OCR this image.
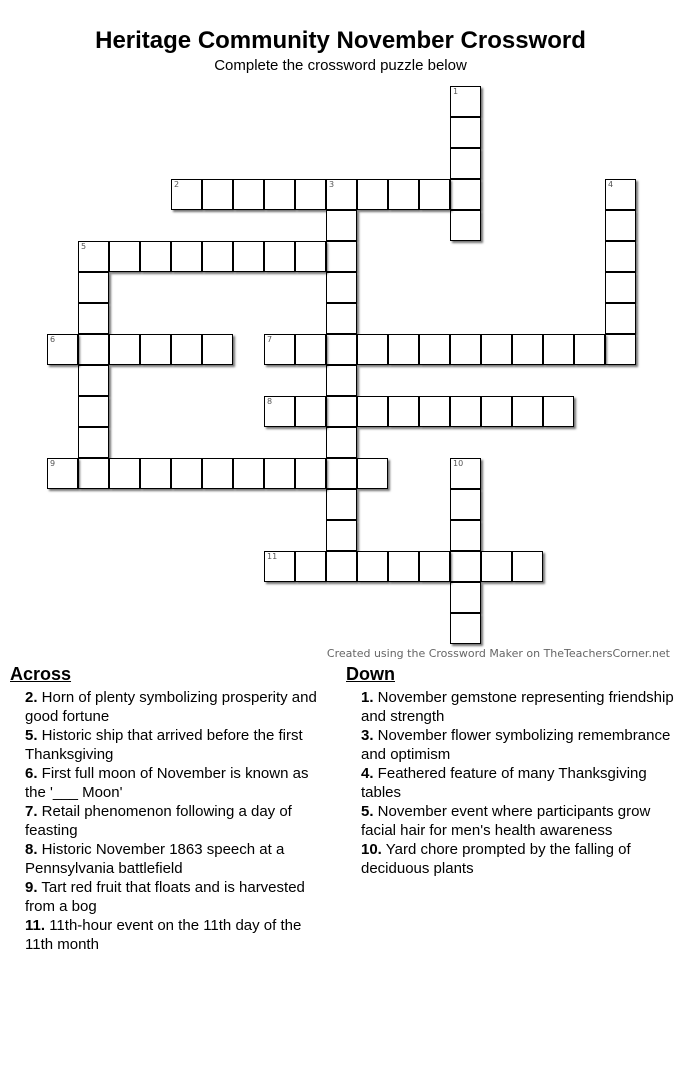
Heritage Community November Crossword
Complete the crossword puzzle below
1
2	3	4
5
6	7
8
9	10
11
Created using the Crossword Maker on TheTeachersCorner.net
Across
2. Horn of plenty symbolizing prosperity and good fortune
5. Historic ship that arrived before the first Thanksgiving
6. First full moon of November is known as the '___ Moon'
7. Retail phenomenon following a day of feasting
8. Historic November 1863 speech at a Pennsylvania battlefield
9. Tart red fruit that floats and is harvested from a bog
11. 11th-hour event on the 11th day of the 11th month
Down
1. November gemstone representing friendship and strength
3. November flower symbolizing remembrance and optimism
4. Feathered feature of many Thanksgiving tables
5. November event where participants grow facial hair for men's health awareness
10. Yard chore prompted by the falling of deciduous plants
